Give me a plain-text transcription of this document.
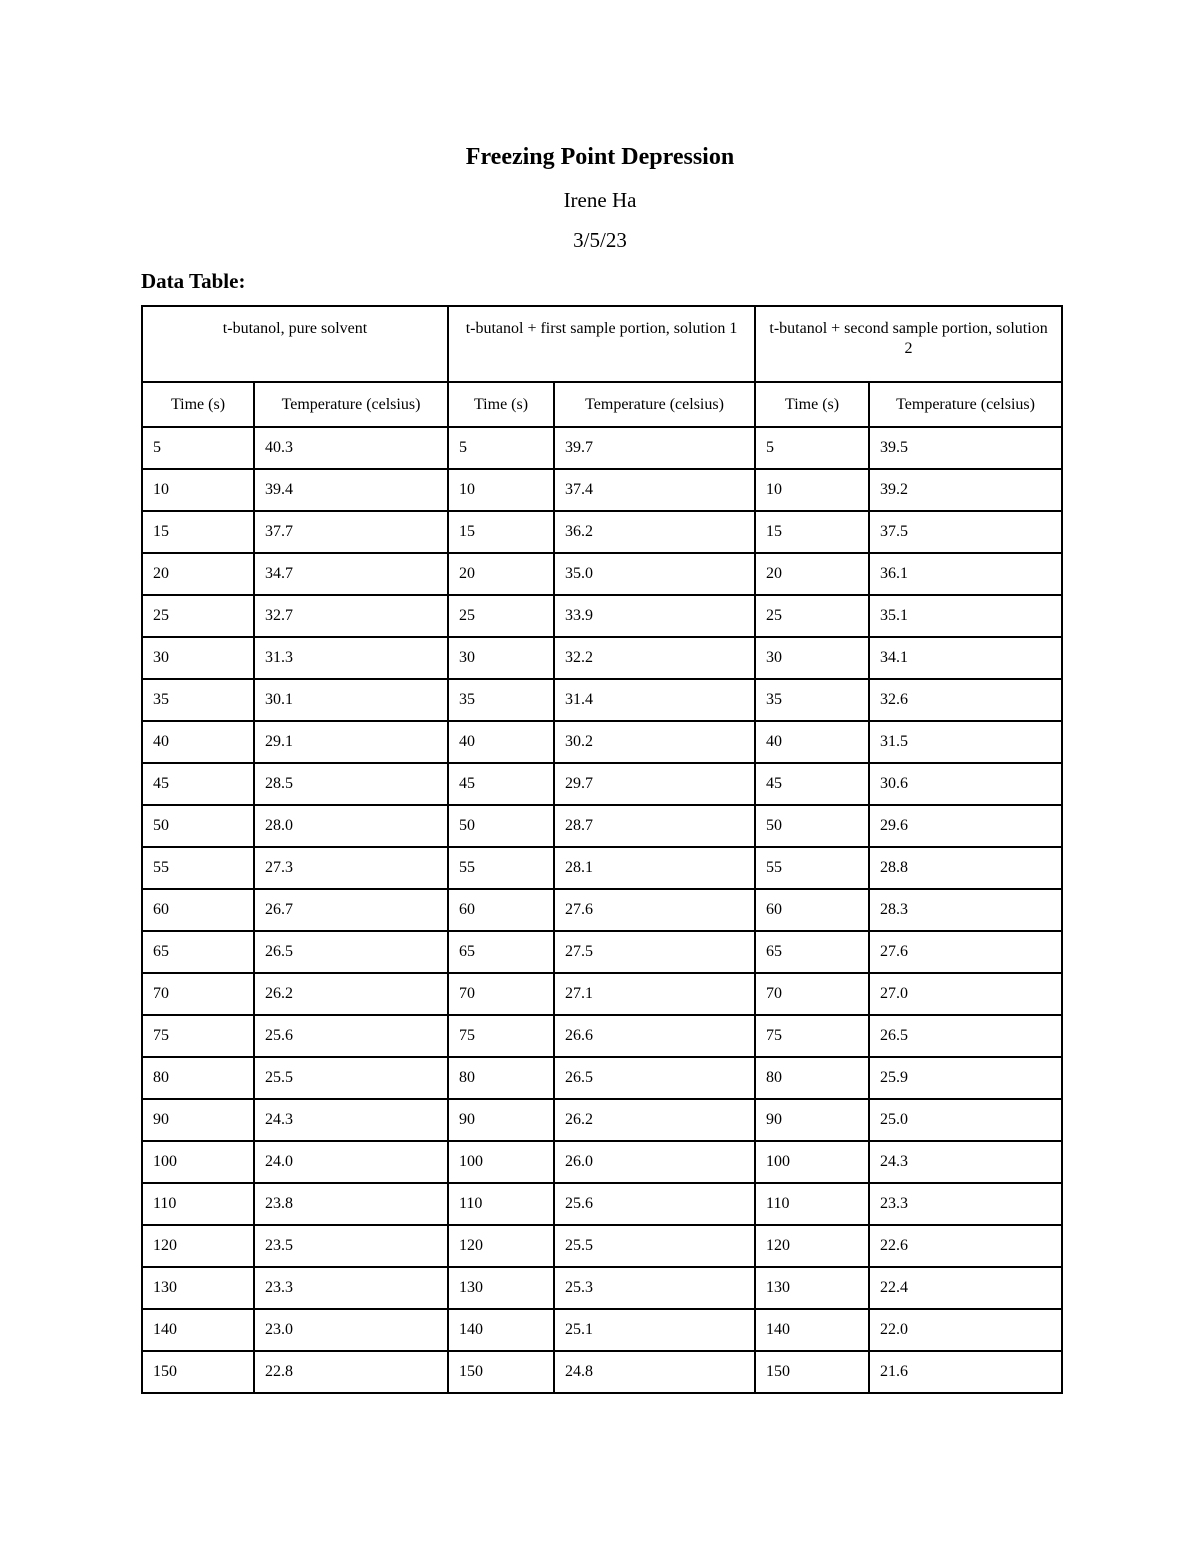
Freezing Point Depression
Irene Ha
3/5/23
Data Table:
t-butanol, pure solvent		t-butanol + first sample portion, solution 1		t-butanol + second sample portion, solution 2	
Time (s)	Temperature (celsius)	Time (s)	Temperature (celsius)	Time (s)	Temperature (celsius)
5	40.3	5	39.7	5	39.5
10	39.4	10	37.4	10	39.2
15	37.7	15	36.2	15	37.5
20	34.7	20	35.0	20	36.1
25	32.7	25	33.9	25	35.1
30	31.3	30	32.2	30	34.1
35	30.1	35	31.4	35	32.6
40	29.1	40	30.2	40	31.5
45	28.5	45	29.7	45	30.6
50	28.0	50	28.7	50	29.6
55	27.3	55	28.1	55	28.8
60	26.7	60	27.6	60	28.3
65	26.5	65	27.5	65	27.6
70	26.2	70	27.1	70	27.0
75	25.6	75	26.6	75	26.5
80	25.5	80	26.5	80	25.9
90	24.3	90	26.2	90	25.0
100	24.0	100	26.0	100	24.3
110	23.8	110	25.6	110	23.3
120	23.5	120	25.5	120	22.6
130	23.3	130	25.3	130	22.4
140	23.0	140	25.1	140	22.0
150	22.8	150	24.8	150	21.6
